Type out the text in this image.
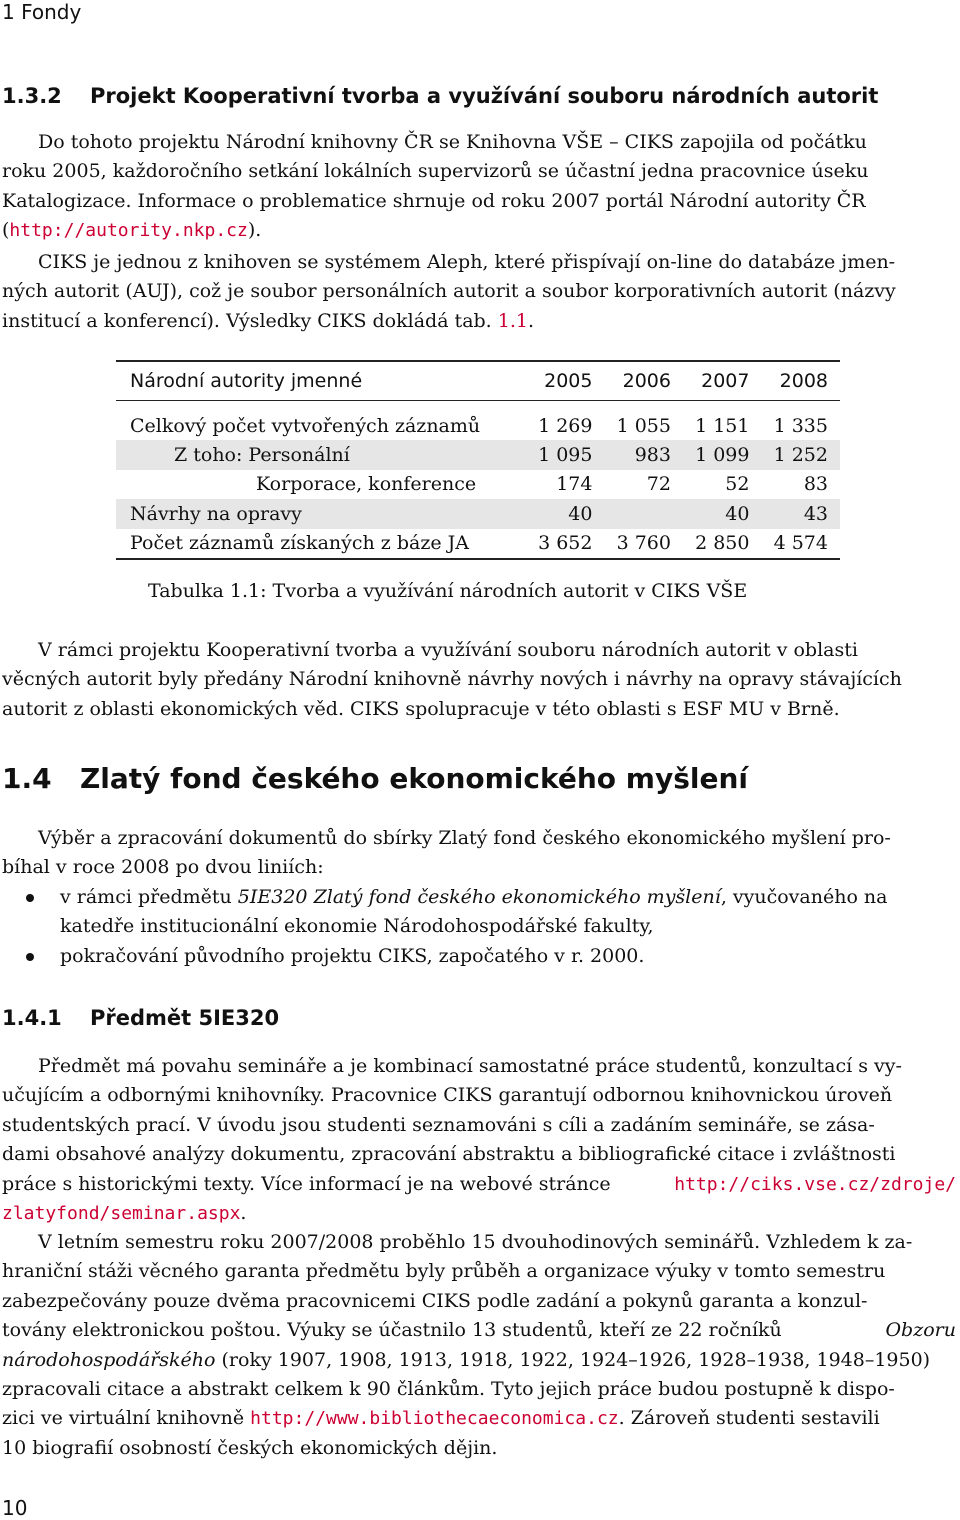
1 Fondy
1.3.2 Projekt Kooperativní tvorba a využívání souboru národních autorit
Do tohoto projektu Národní knihovny ČR se Knihovna VŠE – CIKS zapojila od počátku
roku 2005, každoročního setkání lokálních supervizorů se účastní jedna pracovnice úseku
Katalogizace. Informace o problematice shrnuje od roku 2007 portál Národní autority ČR
(http://autority.nkp.cz).
CIKS je jednou z knihoven se systémem Aleph, které přispívají on-line do databáze jmen-
ných autorit (AUJ), což je soubor personálních autorit a soubor korporativních autorit (názvy
institucí a konferencí). Výsledky CIKS dokládá tab. 1.1.
Národní autority jmenné	2005	2006	2007	2008

Celkový počet vytvořených záznamů	1 269	1 055	1 151	1 335
Z toho: Personální	1 095	983	1 099	1 252
Korporace, konference	174	72	52	83
Návrhy na opravy	40		40	43
Počet záznamů získaných z báze JA	3 652	3 760	2 850	4 574
Tabulka 1.1: Tvorba a využívání národních autorit v CIKS VŠE
V rámci projektu Kooperativní tvorba a využívání souboru národních autorit v oblasti
věcných autorit byly předány Národní knihovně návrhy nových i návrhy na opravy stávajících
autorit z oblasti ekonomických věd. CIKS spolupracuje v této oblasti s ESF MU v Brně.
1.4 Zlatý fond českého ekonomického myšlení
Výběr a zpracování dokumentů do sbírky Zlatý fond českého ekonomického myšlení pro-
bíhal v roce 2008 po dvou liniích:
v rámci předmětu 5IE320 Zlatý fond českého ekonomického myšlení, vyučovaného na
katedře institucionální ekonomie Národohospodářské fakulty,
pokračování původního projektu CIKS, započatého v r. 2000.
1.4.1 Předmět 5IE320
Předmět má povahu semináře a je kombinací samostatné práce studentů, konzultací s vy-
učujícím a odbornými knihovníky. Pracovnice CIKS garantují odbornou knihovnickou úroveň
studentských prací. V úvodu jsou studenti seznamováni s cíli a zadáním semináře, se zása-
dami obsahové analýzy dokumentu, zpracování abstraktu a bibliografické citace i zvláštnosti
práce s historickými texty. Více informací je na webové stránce	http://ciks.vse.cz/zdroje/
zlatyfond/seminar.aspx.
V letním semestru roku 2007/2008 proběhlo 15 dvouhodinových seminářů. Vzhledem k za-
hraniční stáži věcného garanta předmětu byly průběh a organizace výuky v tomto semestru
zabezpečovány pouze dvěma pracovnicemi CIKS podle zadání a pokynů garanta a konzul-
továny elektronickou poštou. Výuky se účastnilo 13 studentů, kteří ze 22 ročníků	Obzoru
národohospodářského (roky 1907, 1908, 1913, 1918, 1922, 1924–1926, 1928–1938, 1948–1950)
zpracovali citace a abstrakt celkem k 90 článkům. Tyto jejich práce budou postupně k dispo-
zici ve virtuální knihovně http://www.bibliothecaeconomica.cz. Zároveň studenti sestavili
10 biografií osobností českých ekonomických dějin.
10
